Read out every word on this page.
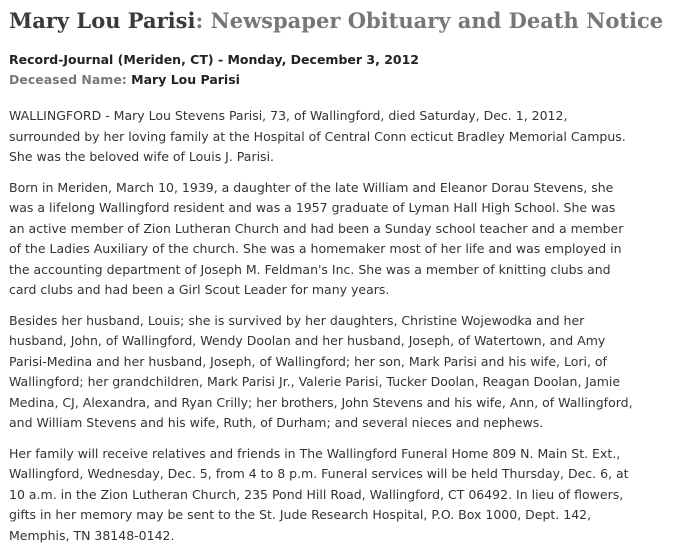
Mary Lou Parisi: Newspaper Obituary and Death Notice
Record-Journal (Meriden, CT) - Monday, December 3, 2012
Deceased Name: Mary Lou Parisi

WALLINGFORD - Mary Lou Stevens Parisi, 73, of Wallingford, died Saturday, Dec. 1, 2012,
surrounded by her loving family at the Hospital of Central Conn ecticut Bradley Memorial Campus.
She was the beloved wife of Louis J. Parisi.

Born in Meriden, March 10, 1939, a daughter of the late William and Eleanor Dorau Stevens, she
was a lifelong Wallingford resident and was a 1957 graduate of Lyman Hall High School. She was
an active member of Zion Lutheran Church and had been a Sunday school teacher and a member
of the Ladies Auxiliary of the church. She was a homemaker most of her life and was employed in
the accounting department of Joseph M. Feldman's Inc. She was a member of knitting clubs and
card clubs and had been a Girl Scout Leader for many years.

Besides her husband, Louis; she is survived by her daughters, Christine Wojewodka and her
husband, John, of Wallingford, Wendy Doolan and her husband, Joseph, of Watertown, and Amy
Parisi-Medina and her husband, Joseph, of Wallingford; her son, Mark Parisi and his wife, Lori, of
Wallingford; her grandchildren, Mark Parisi Jr., Valerie Parisi, Tucker Doolan, Reagan Doolan, Jamie
Medina, CJ, Alexandra, and Ryan Crilly; her brothers, John Stevens and his wife, Ann, of Wallingford,
and William Stevens and his wife, Ruth, of Durham; and several nieces and nephews.

Her family will receive relatives and friends in The Wallingford Funeral Home 809 N. Main St. Ext.,
Wallingford, Wednesday, Dec. 5, from 4 to 8 p.m. Funeral services will be held Thursday, Dec. 6, at
10 a.m. in the Zion Lutheran Church, 235 Pond Hill Road, Wallingford, CT 06492. In lieu of flowers,
gifts in her memory may be sent to the St. Jude Research Hospital, P.O. Box 1000, Dept. 142,
Memphis, TN 38148-0142.
